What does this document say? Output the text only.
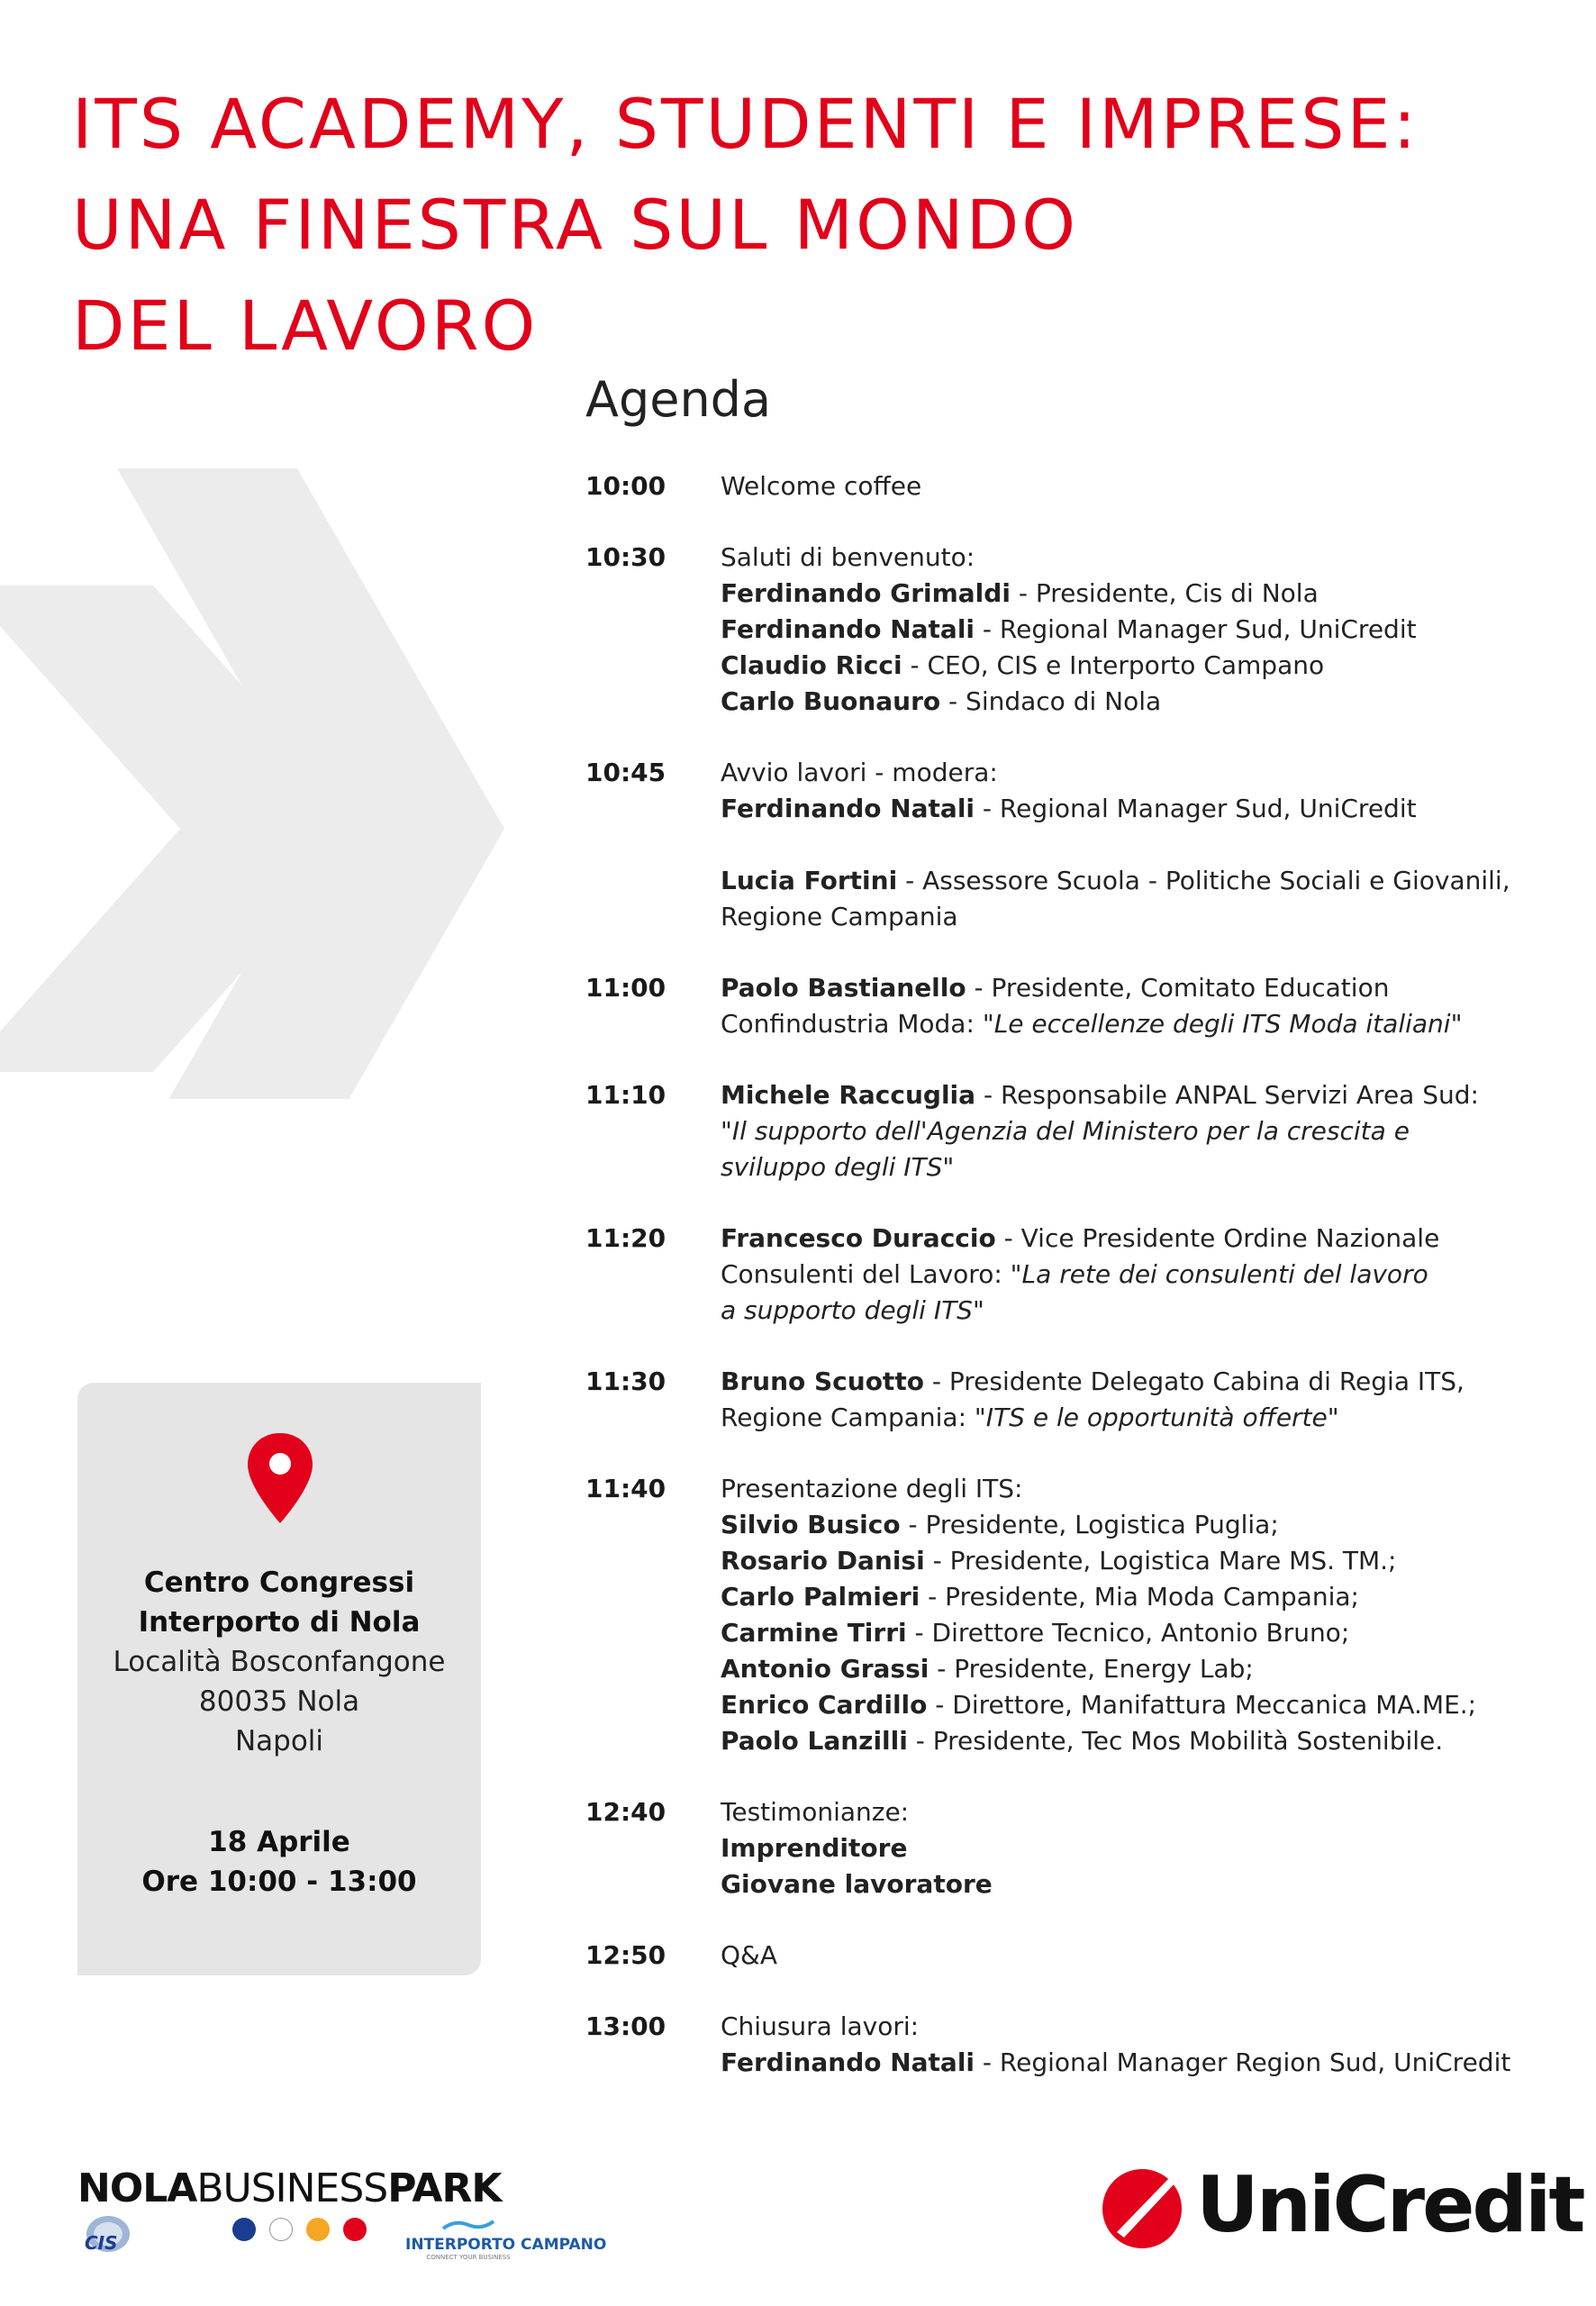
ITS ACADEMY, STUDENTI E IMPRESE:
UNA FINESTRA SUL MONDO
DEL LAVORO
Agenda
10:00	Welcome coffee
10:30	Saluti di benvenuto:
Ferdinando Grimaldi - Presidente, Cis di Nola
Ferdinando Natali - Regional Manager Sud, UniCredit
Claudio Ricci - CEO, CIS e Interporto Campano
Carlo Buonauro - Sindaco di Nola
10:45	Avvio lavori - modera:
Ferdinando Natali - Regional Manager Sud, UniCredit
Lucia Fortini - Assessore Scuola - Politiche Sociali e Giovanili,
Regione Campania
11:00	Paolo Bastianello - Presidente, Comitato Education
Confindustria Moda: "Le eccellenze degli ITS Moda italiani"
11:10	Michele Raccuglia - Responsabile ANPAL Servizi Area Sud:
"Il supporto dell'Agenzia del Ministero per la crescita e
sviluppo degli ITS"
11:20	Francesco Duraccio - Vice Presidente Ordine Nazionale
Consulenti del Lavoro: "La rete dei consulenti del lavoro
a supporto degli ITS"
11:30	Bruno Scuotto - Presidente Delegato Cabina di Regia ITS,
Regione Campania: "ITS e le opportunità offerte"
11:40	Presentazione degli ITS:
Silvio Busico - Presidente, Logistica Puglia;
Rosario Danisi - Presidente, Logistica Mare MS. TM.;
Carlo Palmieri - Presidente, Mia Moda Campania;
Carmine Tirri - Direttore Tecnico, Antonio Bruno;
Antonio Grassi - Presidente, Energy Lab;
Enrico Cardillo - Direttore, Manifattura Meccanica MA.ME.;
Paolo Lanzilli - Presidente, Tec Mos Mobilità Sostenibile.
12:40	Testimonianze:
Imprenditore
Giovane lavoratore
12:50	Q&A
13:00	Chiusura lavori:
Ferdinando Natali - Regional Manager Region Sud, UniCredit
Centro Congressi
Interporto di Nola
Località Bosconfangone
80035 Nola
Napoli
18 Aprile
Ore 10:00 - 13:00
NOLABUSINESSPARK

CIS	INTERPORTO CAMPANO
CONNECT YOUR BUSINESS
UniCredit
